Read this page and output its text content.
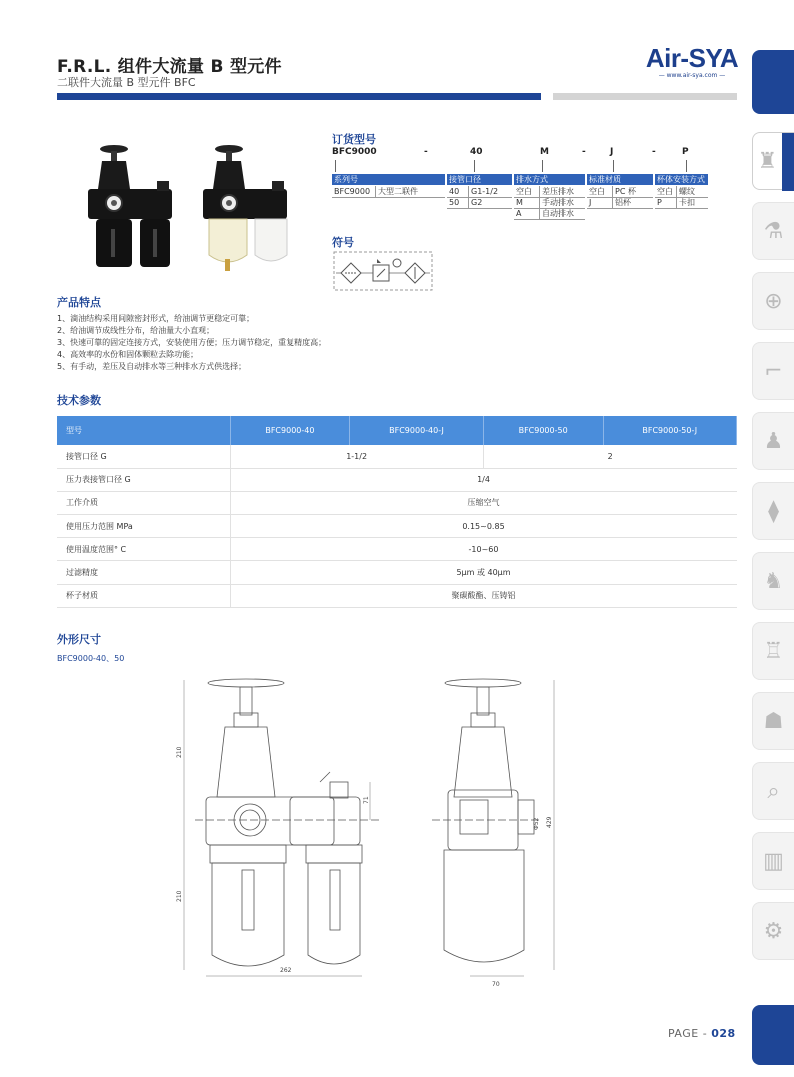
F.R.L. 组件大流量 B 型元件
二联件大流量 B 型元件 BFC
Air-SYA
— www.air-sya.com —
♜
⚗
⊕
⌐
♟
⧫
♞
♖
☗
⌕
▥
⚙
订货型号
BFC9000	-	40	M	-	J	-	P
系列号
BFC9000 大型二联件
接管口径
40	G1-1/2
50	G2
排水方式
空白	差压排水
M	手动排水
A	自动排水
标准材质
空白	PC 杯
J	铝杯
杯体安装方式
空白 螺纹
P	卡扣
符号
产品特点
1、滴油结构采用间隙密封形式，给油调节更稳定可靠；
2、给油调节成线性分布，给油量大小直观；
3、快速可靠的固定连接方式，安装使用方便；压力调节稳定，重复精度高；
4、高效率的水份和固体颗粒去除功能；
5、有手动，差压及自动排水等三种排水方式供选择；
技术参数
型号	BFC9000-40	BFC9000-40-J	BFC9000-50	BFC9000-50-J
接管口径 G	1-1/2		2	
压力表接管口径 G	1/4			
工作介质	压缩空气			
使用压力范围 MPa	0.15~0.85			
使用温度范围° C	-10~60			
过滤精度	5μm 或 40μm			
杯子材质	聚碳酸酯、压铸铝			
外形尺寸
BFC9000-40、50
210
210
71
262
Φ52 429
70
PAGE - 028
